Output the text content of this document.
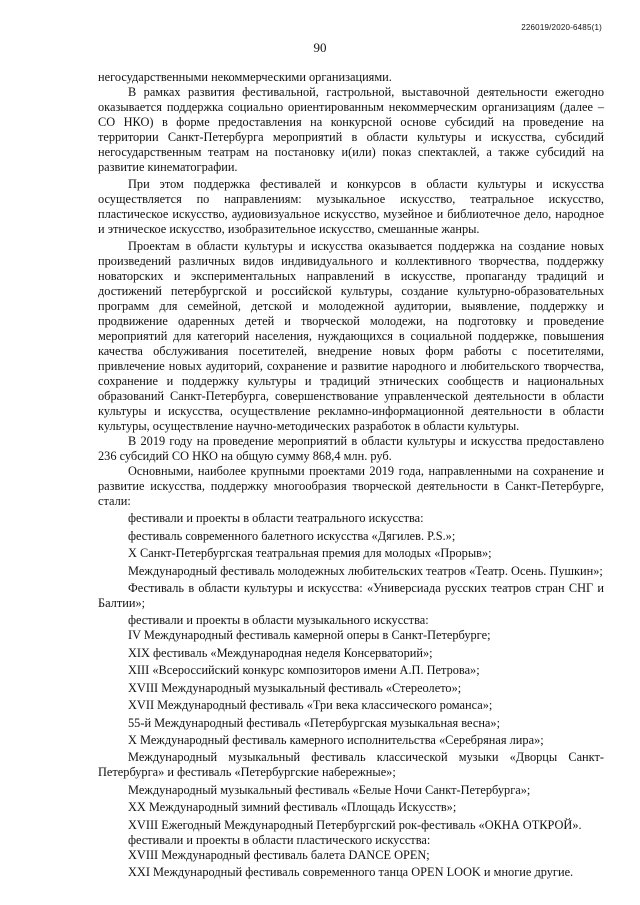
226019/2020-6485(1)
90

негосударственными некоммерческими организациями.

В рамках развития фестивальной, гастрольной, выставочной деятельности ежегодно оказывается поддержка социально ориентированным некоммерческим организациям (далее – СО НКО) в форме предоставления на конкурсной основе субсидий на проведение на территории Санкт-Петербурга мероприятий в области культуры и искусства, субсидий негосударственным театрам на постановку и(или) показ спектаклей, а также субсидий на развитие кинематографии.

При этом поддержка фестивалей и конкурсов в области культуры и искусства осуществляется по направлениям: музыкальное искусство, театральное искусство, пластическое искусство, аудиовизуальное искусство, музейное и библиотечное дело, народное и этническое искусство, изобразительное искусство, смешанные жанры.

Проектам в области культуры и искусства оказывается поддержка на создание новых произведений различных видов индивидуального и коллективного творчества, поддержку новаторских и экспериментальных направлений в искусстве, пропаганду традиций и достижений петербургской и российской культуры, создание культурно-образовательных программ для семейной, детской и молодежной аудитории, выявление, поддержку и продвижение одаренных детей и творческой молодежи, на подготовку и проведение мероприятий для категорий населения, нуждающихся в социальной поддержке, повышения качества обслуживания посетителей, внедрение новых форм работы с посетителями, привлечение новых аудиторий, сохранение и развитие народного и любительского творчества, сохранение и поддержку культуры и традиций этнических сообществ и национальных образований Санкт-Петербурга, совершенствование управленческой деятельности в области культуры и искусства, осуществление рекламно-информационной деятельности в области культуры, осуществление научно-методических разработок в области культуры.

В 2019 году на проведение мероприятий в области культуры и искусства предоставлено 236 субсидий СО НКО на общую сумму 868,4 млн. руб.

Основными, наиболее крупными проектами 2019 года, направленными на сохранение и развитие искусства, поддержку многообразия творческой деятельности в Санкт-Петербурге, стали:

фестивали и проекты в области театрального искусства:

фестиваль современного балетного искусства «Дягилев. P.S.»;

X Санкт-Петербургская театральная премия для молодых «Прорыв»;

Международный фестиваль молодежных любительских театров «Театр. Осень. Пушкин»;

Фестиваль в области культуры и искусства: «Универсиада русских театров стран СНГ и Балтии»;

фестивали и проекты в области музыкального искусства:

IV Международный фестиваль камерной оперы в Санкт-Петербурге;

XIX фестиваль «Международная неделя Консерваторий»;

XIII «Всероссийский конкурс композиторов имени А.П. Петрова»;

XVIII Международный музыкальный фестиваль «Стереолето»;

XVII Международный фестиваль «Три века классического романса»;

55-й Международный фестиваль «Петербургская музыкальная весна»;

X Международный фестиваль камерного исполнительства «Серебряная лира»;

Международный музыкальный фестиваль классической музыки «Дворцы Санкт-Петербурга» и фестиваль «Петербургские набережные»;

Международный музыкальный фестиваль «Белые Ночи Санкт-Петербурга»;

XX Международный зимний фестиваль «Площадь Искусств»;

XVIII Ежегодный Международный Петербургский рок-фестиваль «ОКНА ОТКРОЙ».

фестивали и проекты в области пластического искусства:

XVIII Международный фестиваль балета DANCE OPEN;

XXI Международный фестиваль современного танца OPEN LOOK и многие другие.
